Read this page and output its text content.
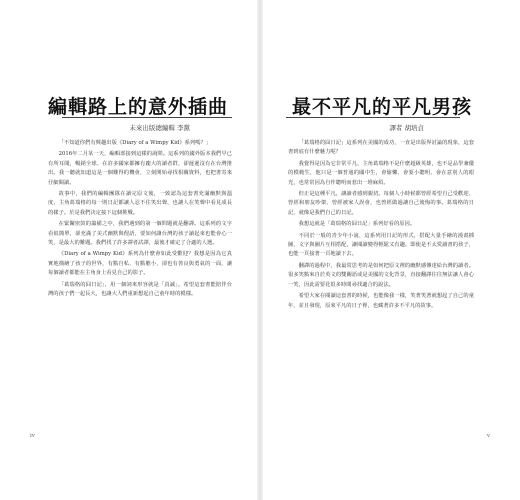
編輯路上的意外插曲
未來出版總編輯 李黨

「不知道你們有興趣出版《Diary of a Wimpy Kid》系列嗎？」

2016年二月某一天，編輯部接到這樣的詢問。這系列的國外版本我們早已有所耳聞，暢銷全球、在許多國家都擁有龐大的讀者群，卻遲遲沒有在台灣推出。我一聽就知道這是一個難得的機會，立刻開始尋找相關資料，也把書寄來仔細閱讀。

故事中，我們的編輯團隊在讀完原文後，一致認為這套書充滿幽默與溫度，主角葛瑞格的每一則日記都讓人忍不住笑出聲，也讓人在笑聲中看見成長的樣子。於是我們決定接下這個挑戰。

在緊鑼密鼓的籌備之中，我們遇到的第一個問題就是翻譯。這系列的文字看似簡單，卻充滿了美式幽默與俚語，要如何讓台灣的孩子讀起來也能會心一笑，是最大的難題。我們找了許多譯者試譯，最後才確定了合適的人選。

《Diary of a Wimpy Kid》系列為什麼會如此受歡迎？我想是因為它真實地描繪了孩子的世界，有點自私、有點膽小，卻也有善良與勇氣的一面，讓每個讀者都能在主角身上看見自己的影子。

「葛瑞格的囧日記」，用一個詞來形容就是「真誠」。希望這套書能陪伴台灣的孩子們一起長大，也讓大人們重新想起自己童年時的模樣。

iv
最不平凡的平凡男孩
譯者 胡培貞

「葛瑞格的囧日記」這系列在美國的成功，一直是出版界討論的現象，這套書到底有什麼魅力呢？

我覺得是因為它非常平凡，主角葛瑞格不是什麼超級英雄，也不是品學兼優的模範生，他只是一個普通的國中生，會偷懶、會耍小聰明、會在意別人的眼光，也常常因為自作聰明而惹出一堆麻煩。

但正是這種平凡，讓讀者感到親切。每個人小時候都曾經希望自己受歡迎、曾經和朋友吵架、曾經被家人誤會，也曾經做過讓自己後悔的事。葛瑞格的日記，就像是我們自己的日記。

我想這就是「葛瑞格的囧日記」系列好看的原因。

不同於一般的青少年小說，這系列用日記的形式，搭配大量手繪的漫畫插圖，文字與圖片互相搭配，讓閱讀變得輕鬆又有趣。即使是不太愛讀書的孩子，也能一頁接著一頁地讀下去。

翻譯的過程中，我最常思考的是如何把原文裡的幽默感傳達給台灣的讀者。很多笑點來自於英文的雙關語或是美國的文化背景，直接翻譯往往無法讓人會心一笑，因此需要花很多時間尋找適合的說法。

希望大家在閱讀這套書的時候，也能像我一樣，笑著笑著就想起了自己的童年，並且發現，原來平凡的日子裡，也藏著許多不平凡的故事。

v
